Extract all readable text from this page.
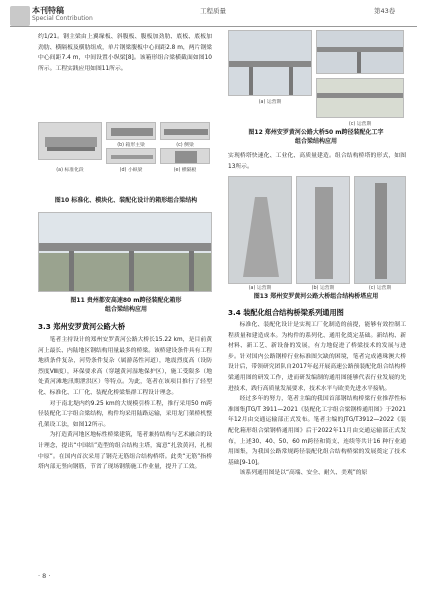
本刊特稿
Special Contribution
工程质量	第43卷
约1/21。钢主梁由上翼缘板、斜腹板、腹板加劲肋、底板、底板加劲肋、横隔板及横肋组成，单片钢梁腹板中心间距2.8 m，两片钢梁中心间距7.4 m，中间设置小纵梁[8]。该箱形组合梁横截面如图10所示。工程实践应用如图11所示。
(b) 箱形主梁	(c) 侧梁
(a) 标准化段	(d) 小纵梁	(e) 横隔板
图10 标准化、模块化、装配化设计的箱形组合梁结构
图11 贵州都安高速80 m跨径装配化箱形
组合梁结构应用
3.3 郑州安罗黄河公路大桥
笔者主持设计的郑州安罗黄河公路大桥长15.22 km，是目前黄河上最长、内陆地区钢结构用量最多的桥梁。该桥建设条件具有工程地质条件复杂，河势条件复杂（属游荡性河道），地震烈度高（设防烈度VⅢ度），环保要求高（穿越黄河湿地保护区），施工受限多（地处黄河滩地汛期泄洪区）等特点。为此，笔者在该项目推行了轻型化、标准化、工厂化、装配化桥梁集群工程设计理念。
对于南北堤内约9.25 km的大规模引桥工程，推行采用50 m跨径装配化工字组合梁结构，构件均采用陆路运输，采用龙门架桥机整孔架设工法，如图12所示。
为打造黄河地区地标性桥梁建筑，笔者兼持结构与艺术融合的设计理念，提出“中国结”造型的组合结构主塔，寓意“扎敦黄河，扎根中原”。在国内首次采用了钢壳无筋组合结构桥塔。此类“无筋”指桥塔内部无竖向钢筋，节省了现场钢筋施工作业量，提升了工效。
(a) 运营期
(c) 运营期
图12 郑州安罗黄河公路大桥50 m跨径装配化工字
组合梁结构应用
实现桥塔快速化、工业化、高质量建造。组合结构桥塔的形式，如图13所示。
(a) 运营期	(b) 运营期	(c) 运营期
图13 郑州安罗黄河公路大桥组合结构桥塔应用
3.4 装配化组合结构桥梁系列通用图
标准化、装配化设计是实现工厂化制造的前提，能够有效控制工程质量和建造成本。为构件的系列化、通用化奠定基础。新结构、新材料、新工艺、新设备的发展，有力地促进了桥梁技术的发展与进步。针对国内公路钢桥行业标准图欠缺的困境，笔者完成港珠澳大桥设计后，带领研究团队自2017年起开展高速公路预装配化组合结构桥梁通用图的研发工作，进而研发编制的通用图能够代表行业发展的先进技术，践行高质量发展要求，技术水平与欧美先进水平接轨。
经过多年的努力，笔者主编的我国首部钢结构桥梁行业推荐性标准图集JTG/T 3911—2021《装配化工字组合梁钢桥通用图》于2021年12月由交通运输部正式发布。笔者主编的JTG/T3912—2022《装配化箱形组合梁钢桥通用图》后于2022年11月由交通运输部正式发布，上述30、40、50、60 m跨径和简支、连续等共计16 种行业通用图集，为我国公路常规跨径装配化组合结构桥梁的发展奠定了技术基础[9-10]。
该系列通用图是以“高端、安全、耐久、美观”的原
· 8 ·
